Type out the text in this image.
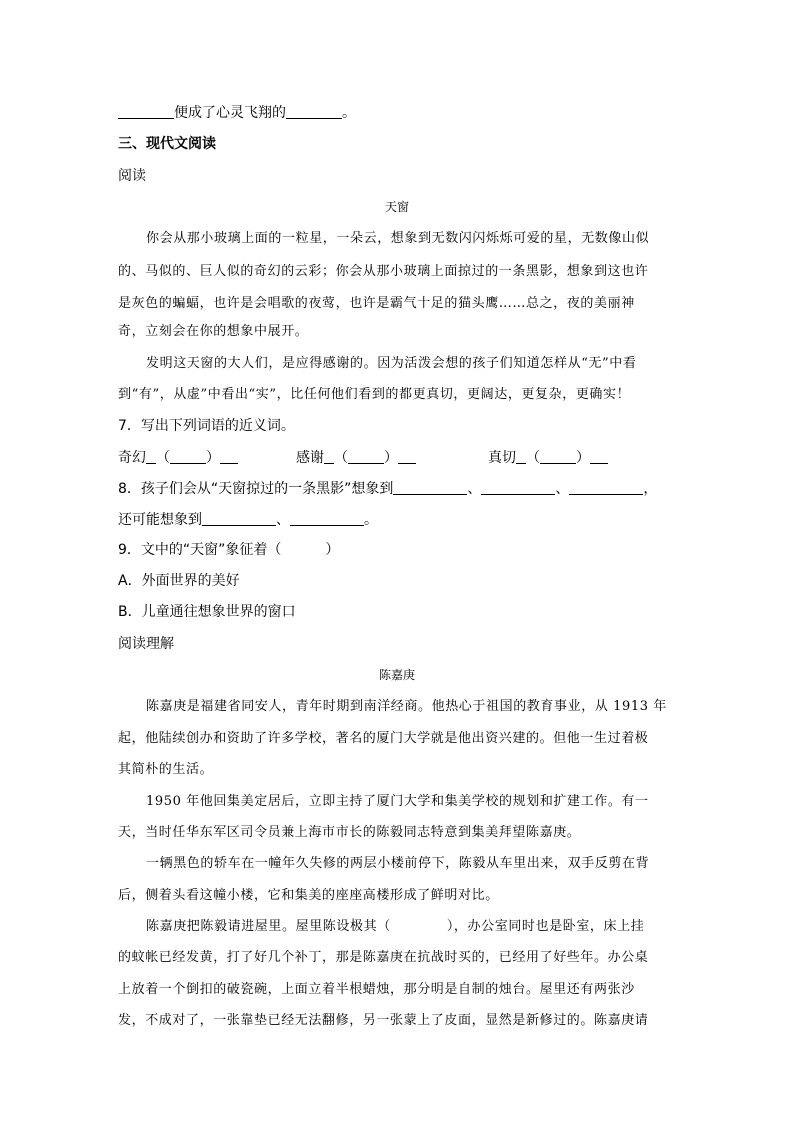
便成了心灵飞翔的	。
三、现代文阅读
阅读
天窗
你会从那小玻璃上面的一粒星，一朵云，想象到无数闪闪烁烁可爱的星，无数像山似
的、马似的、巨人似的奇幻的云彩；你会从那小玻璃上面掠过的一条黑影，想象到这也许
是灰色的蝙蝠，也许是会唱歌的夜莺，也许是霸气十足的猫头鹰……总之，夜的美丽神
奇，立刻会在你的想象中展开。
发明这天窗的大人们，是应得感谢的。因为活泼会想的孩子们知道怎样从“无”中看
到“有”，从虚”中看出“实”，比任何他们看到的都更真切，更阔达，更复杂，更确实！
7．写出下列词语的近义词。
奇幻 （	）	感谢 （	）	真切 （	）
8．孩子们会从“天窗掠过的一条黑影”想象到	、	、	，
还可能想象到	、	。
9．文中的“天窗”象征着（	）
A．外面世界的美好
B．儿童通往想象世界的窗口
阅读理解
陈嘉庚
陈嘉庚是福建省同安人，青年时期到南洋经商。他热心于祖国的教育事业，从 1913 年
起，他陆续创办和资助了许多学校，著名的厦门大学就是他出资兴建的。但他一生过着极
其简朴的生活。
1950 年他回集美定居后，立即主持了厦门大学和集美学校的规划和扩建工作。有一
天，当时任华东军区司令员兼上海市市长的陈毅同志特意到集美拜望陈嘉庚。
一辆黑色的轿车在一幢年久失修的两层小楼前停下，陈毅从车里出来，双手反剪在背
后，侧着头看这幢小楼，它和集美的座座高楼形成了鲜明对比。
陈嘉庚把陈毅请进屋里。屋里陈设极其（	），办公室同时也是卧室，床上挂
的蚊帐已经发黄，打了好几个补丁，那是陈嘉庚在抗战时买的，已经用了好些年。办公桌
上放着一个倒扣的破瓷碗，上面立着半根蜡烛，那分明是自制的烛台。屋里还有两张沙
发，不成对了，一张靠垫已经无法翻修，另一张蒙上了皮面，显然是新修过的。陈嘉庚请
